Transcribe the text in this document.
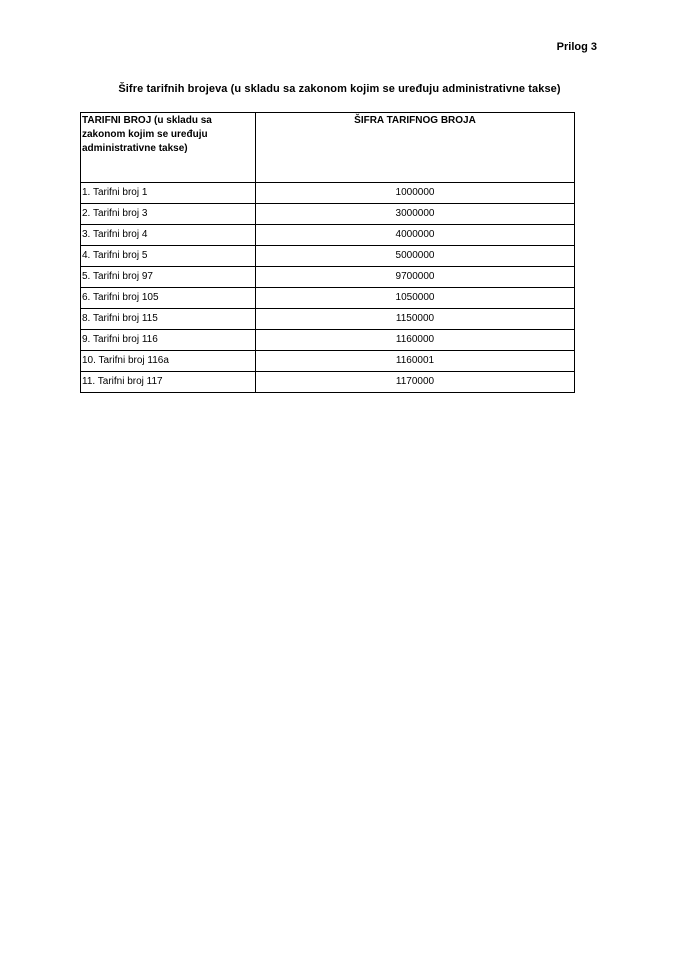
Prilog 3
Šifre tarifnih brojeva (u skladu sa zakonom kojim se uređuju administrativne takse)
TARIFNI BROJ (u skladu sa zakonom kojim se uređuju administrativne takse)	ŠIFRA TARIFNOG BROJA
1. Tarifni broj 1	1000000
2. Tarifni broj 3	3000000
3. Tarifni broj 4	4000000
4. Tarifni broj 5	5000000
5. Tarifni broj 97	9700000
6. Tarifni broj 105	1050000
8. Tarifni broj 115	1150000
9. Tarifni broj 116	1160000
10. Tarifni broj 116a	1160001
11. Tarifni broj 117	1170000
